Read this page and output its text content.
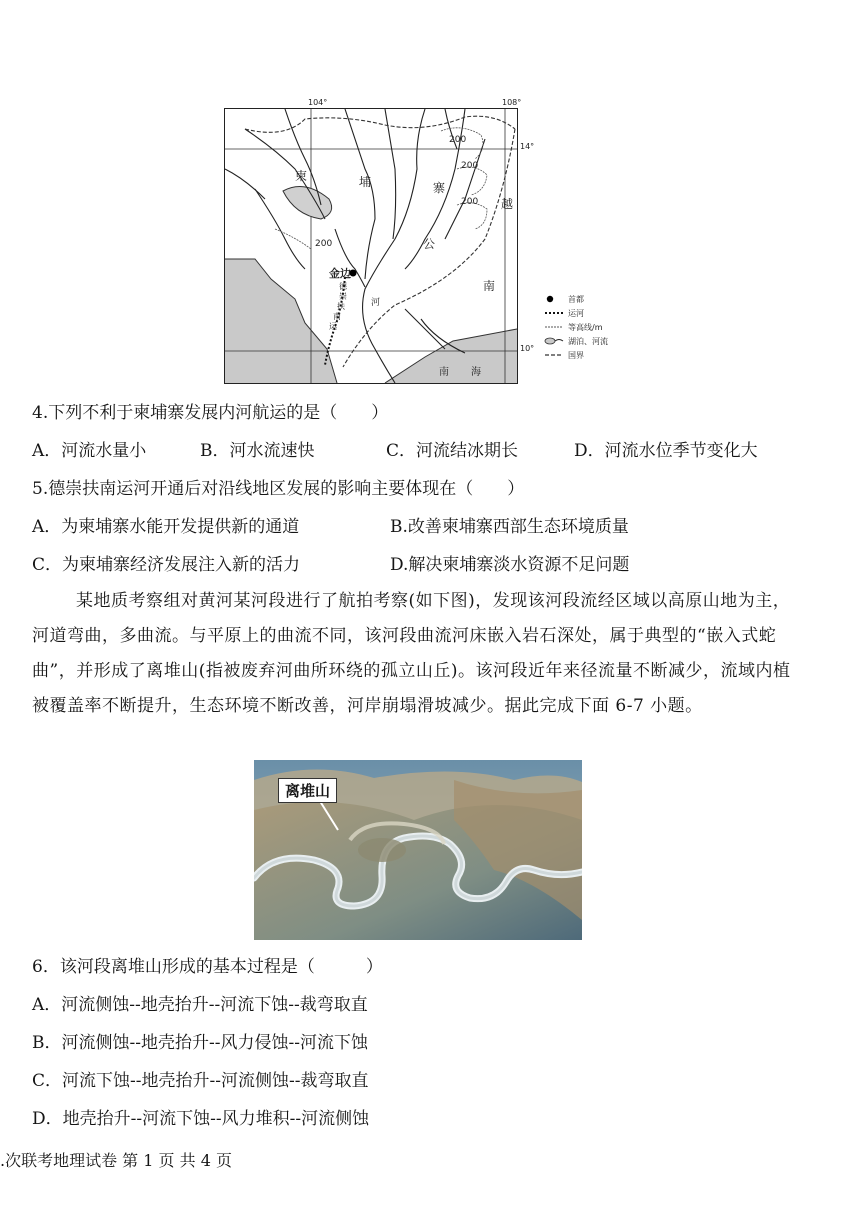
104°	108°
14°
10°
200
200
200
200
柬	埔	寨
越
南
公
金边
德
崇
扶
南
运
河
南 海
首都
运河
等高线/m
湖泊、河流
国界
4.下列不利于柬埔寨发展内河航运的是（　　）
A．河流水量小	B．河水流速快	C．河流结冰期长	D．河流水位季节变化大
5.德崇扶南运河开通后对沿线地区发展的影响主要体现在（　　）
A．为柬埔寨水能开发提供新的通道	B.改善柬埔寨西部生态环境质量
C．为柬埔寨经济发展注入新的活力	D.解决柬埔寨淡水资源不足问题
某地质考察组对黄河某河段进行了航拍考察(如下图)，发现该河段流经区域以高原山地为主，河道弯曲，多曲流。与平原上的曲流不同，该河段曲流河床嵌入岩石深处，属于典型的“嵌入式蛇曲”，并形成了离堆山(指被废弃河曲所环绕的孤立山丘)。该河段近年来径流量不断减少，流域内植被覆盖率不断提升，生态环境不断改善，河岸崩塌滑坡减少。据此完成下面 6-7 小题。
离堆山
6．该河段离堆山形成的基本过程是（　　　）
A．河流侧蚀--地壳抬升--河流下蚀--裁弯取直
B．河流侧蚀--地壳抬升--风力侵蚀--河流下蚀
C．河流下蚀--地壳抬升--河流侧蚀--裁弯取直
D．地壳抬升--河流下蚀--风力堆积--河流侧蚀
.次联考地理试卷 第 1 页 共 4 页
